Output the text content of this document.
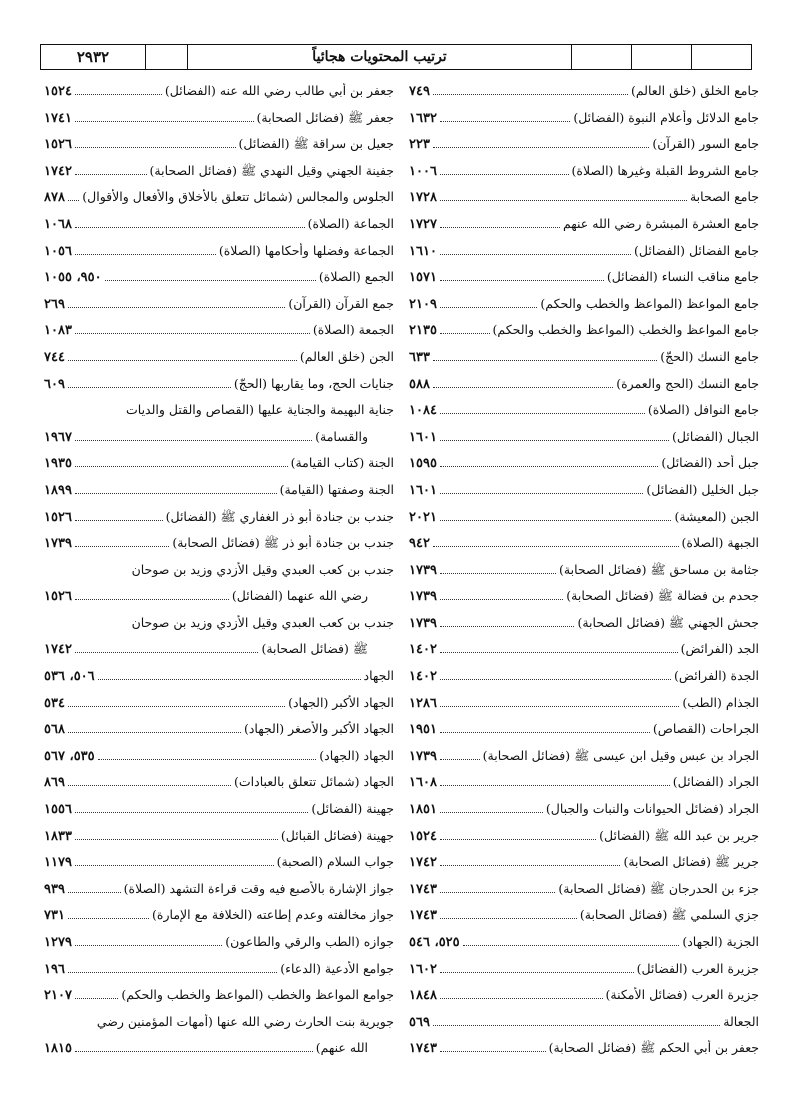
٢٩٣٢	ترتيب المحتويات هجائياً
جامع الخلق (خلق العالم)
٧٤٩
جامع الدلائل وأعلام النبوة (الفضائل)
١٦٣٢
جامع السور (القرآن)
٢٢٣
جامع الشروط القبلة وغيرها (الصلاة)
١٠٠٦
جامع الصحابة
١٧٢٨
جامع العشرة المبشرة رضي الله عنهم
١٧٢٧
جامع الفضائل (الفضائل)
١٦١٠
جامع مناقب النساء (الفضائل)
١٥٧١
جامع المواعظ (المواعظ والخطب والحكم)
٢١٠٩
جامع المواعظ والخطب (المواعظ والخطب والحكم)
٢١٣٥
جامع النسك (الحجّ)
٦٣٣
جامع النسك (الحج والعمرة)
٥٨٨
جامع النوافل (الصلاة)
١٠٨٤
الجبال (الفضائل)
١٦٠١
جبل أحد (الفضائل)
١٥٩٥
جبل الخليل (الفضائل)
١٦٠١
الجبن (المعيشة)
٢٠٢١
الجبهة (الصلاة)
٩٤٢
جثامة بن مساحق ﷺ (فضائل الصحابة)
١٧٣٩
جحدم بن فضالة ﷺ (فضائل الصحابة)
١٧٣٩
جحش الجهني ﷺ (فضائل الصحابة)
١٧٣٩
الجد (الفرائض)
١٤٠٢
الجدة (الفرائض)
١٤٠٢
الجذام (الطب)
١٢٨٦
الجراحات (القصاص)
١٩٥١
الجراد بن عبس وقيل ابن عيسى ﷺ (فضائل الصحابة)
١٧٣٩
الجراد (الفضائل)
١٦٠٨
الجراد (فضائل الحيوانات والنبات والجبال)
١٨٥١
جرير بن عبد الله ﷺ (الفضائل)
١٥٢٤
جرير ﷺ (فضائل الصحابة)
١٧٤٢
جزء بن الحدرجان ﷺ (فضائل الصحابة)
١٧٤٣
جزي السلمي ﷺ (فضائل الصحابة)
١٧٤٣
الجزية (الجهاد)
٥٢٥، ٥٤٦
جزيرة العرب (الفضائل)
١٦٠٢
جزيرة العرب (فضائل الأمكنة)
١٨٤٨
الجعالة
٥٦٩
جعفر بن أبي الحكم ﷺ (فضائل الصحابة)
١٧٤٣
جعفر بن أبي طالب رضي الله عنه (الفضائل)
١٥٢٤
جعفر ﷺ (فضائل الصحابة)
١٧٤١
جعيل بن سراقة ﷺ (الفضائل)
١٥٢٦
جفينة الجهني وقيل النهدي ﷺ (فضائل الصحابة)
١٧٤٢
الجلوس والمجالس (شمائل تتعلق بالأخلاق والأفعال والأقوال)
٨٧٨
الجماعة (الصلاة)
١٠٦٨
الجماعة وفضلها وأحكامها (الصلاة)
١٠٥٦
الجمع (الصلاة)
٩٥٠، ١٠٥٥
جمع القرآن (القرآن)
٢٦٩
الجمعة (الصلاة)
١٠٨٣
الجن (خلق العالم)
٧٤٤
جنايات الحج، وما يقاربها (الحجّ)
٦٠٩
جناية البهيمة والجناية عليها (القصاص والقتل والديات
والقسامة)
١٩٦٧
الجنة (كتاب القيامة)
١٩٣٥
الجنة وصفتها (القيامة)
١٨٩٩
جندب بن جنادة أبو ذر الغفاري ﷺ (الفضائل)
١٥٢٦
جندب بن جنادة أبو ذر ﷺ (فضائل الصحابة)
١٧٣٩
جندب بن كعب العبدي وقيل الأزدي وزيد بن صوحان
رضي الله عنهما (الفضائل)
١٥٢٦
جندب بن كعب العبدي وقيل الأزدي وزيد بن صوحان
ﷺ (فضائل الصحابة)
١٧٤٢
الجهاد
٥٠٦، ٥٣٦
الجهاد الأكبر (الجهاد)
٥٣٤
الجهاد الأكبر والأصغر (الجهاد)
٥٦٨
الجهاد (الجهاد)
٥٣٥، ٥٦٧
الجهاد (شمائل تتعلق بالعبادات)
٨٦٩
جهينة (الفضائل)
١٥٥٦
جهينة (فضائل القبائل)
١٨٣٣
جواب السلام (الصحبة)
١١٧٩
جواز الإشارة بالأصبع فيه وقت قراءة التشهد (الصلاة)
٩٣٩
جواز مخالفته وعدم إطاعته (الخلافة مع الإمارة)
٧٣١
جوازه (الطب والرقي والطاعون)
١٢٧٩
جوامع الأدعية (الدعاء)
١٩٦
جوامع المواعظ والخطب (المواعظ والخطب والحكم)
٢١٠٧
جويرية بنت الحارث رضي الله عنها (أمهات المؤمنين رضي
الله عنهم)
١٨١٥
